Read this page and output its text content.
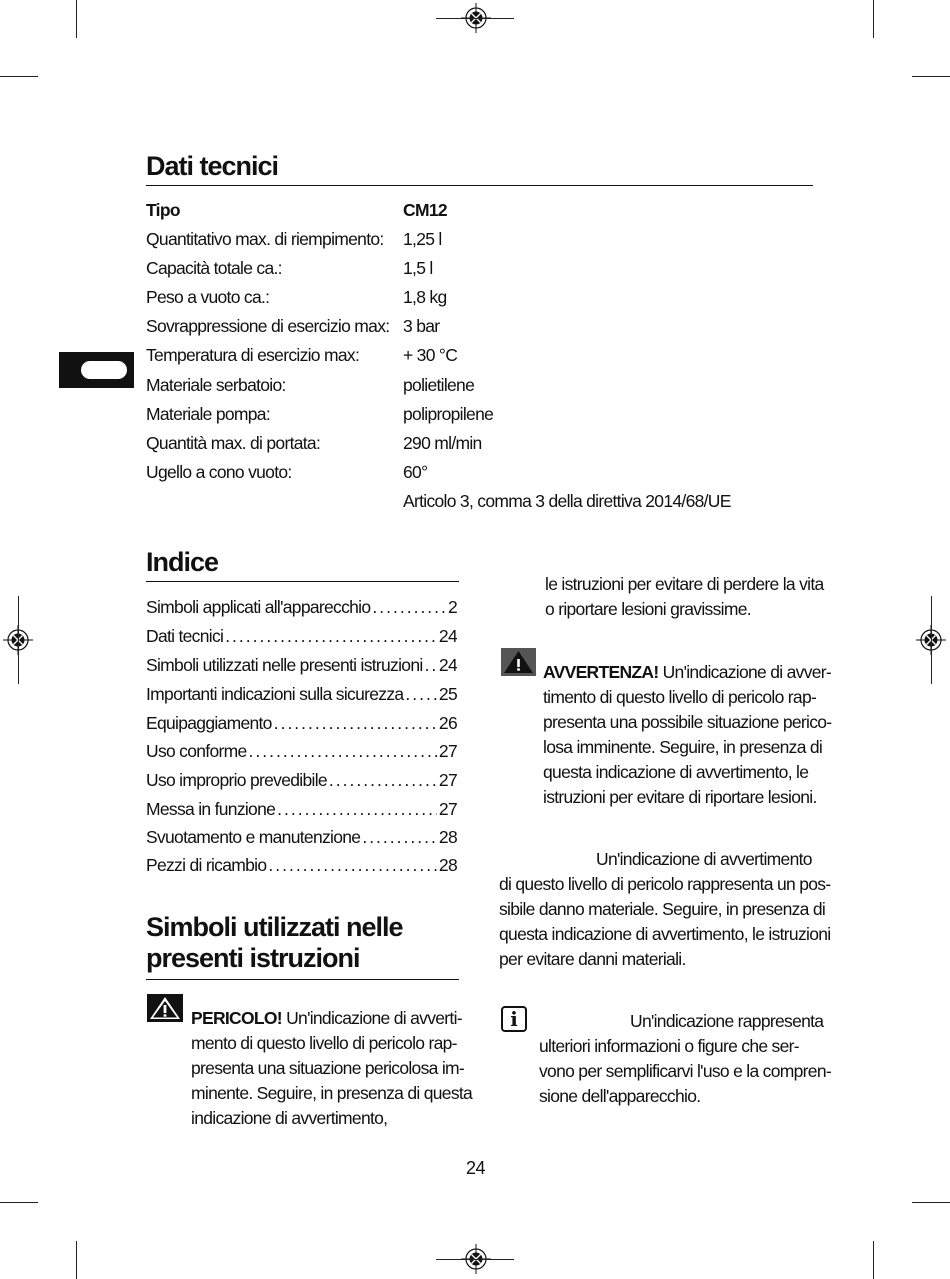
Dati tecnici
Tipo	CM12
Quantitativo max. di riempimento: 1,25 l
Capacità totale ca.:	1,5 l
Peso a vuoto ca.:	1,8 kg
Sovrappressione di esercizio max: 3 bar
Temperatura di esercizio max:	+ 30 °C
Materiale serbatoio:	polietilene
Materiale pompa:	polipropilene
Quantità max. di portata:	290 ml/min
Ugello a cono vuoto:	60°
Articolo 3, comma 3 della direttiva 2014/68/UE
Indice
Simboli applicati all'apparecchio .....	2
Dati tecnici .....	24
Simboli utilizzati nelle presenti istruzioni ..... 24
Importanti indicazioni sulla sicurezza ..... 25
Equipaggiamento .....	26
Uso conforme .....	27
Uso improprio prevedibile .....	27
Messa in funzione .....	27
Svuotamento e manutenzione .....	28
Pezzi di ricambio .....	28
Simboli utilizzati nelle
presenti istruzioni
PERICOLO! Un'indicazione di avverti-
mento di questo livello di pericolo rap-
presenta una situazione pericolosa im-
minente. Seguire, in presenza di questa
indicazione di avvertimento,
le istruzioni per evitare di perdere la vita
o riportare lesioni gravissime.
AVVERTENZA! Un'indicazione di avver-
timento di questo livello di pericolo rap-
presenta una possibile situazione perico-
losa imminente. Seguire, in presenza di
questa indicazione di avvertimento, le
istruzioni per evitare di riportare lesioni.
Un'indicazione di avvertimento
di questo livello di pericolo rappresenta un pos-
sibile danno materiale. Seguire, in presenza di
questa indicazione di avvertimento, le istruzioni
per evitare danni materiali.
i	Un'indicazione rappresenta
ulteriori informazioni o figure che ser-
vono per semplificarvi l'uso e la compren-
sione dell'apparecchio.
24
